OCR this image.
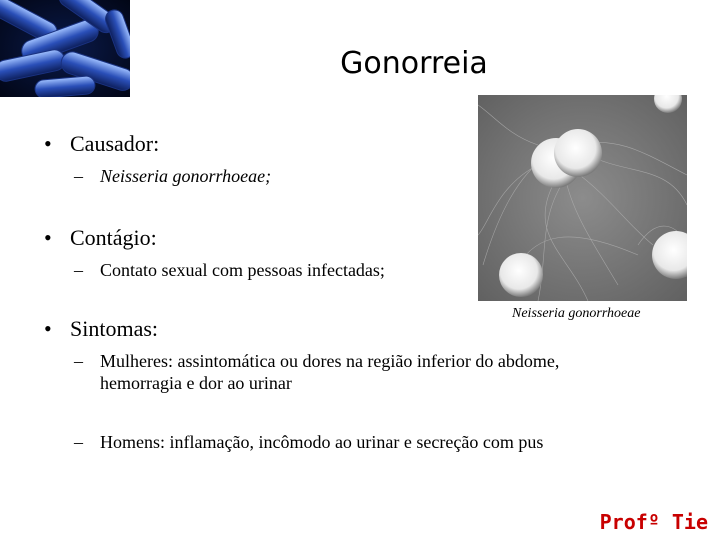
Gonorreia
Neisseria gonorrhoeae
• Causador:
– Neisseria gonorrhoeae;
• Contágio:
– Contato sexual com pessoas infectadas;
• Sintomas:
– Mulheres: assintomática ou dores na região inferior do abdome,
hemorragia e dor ao urinar
– Homens: inflamação, incômodo ao urinar e secreção com pus
Profº Tie
